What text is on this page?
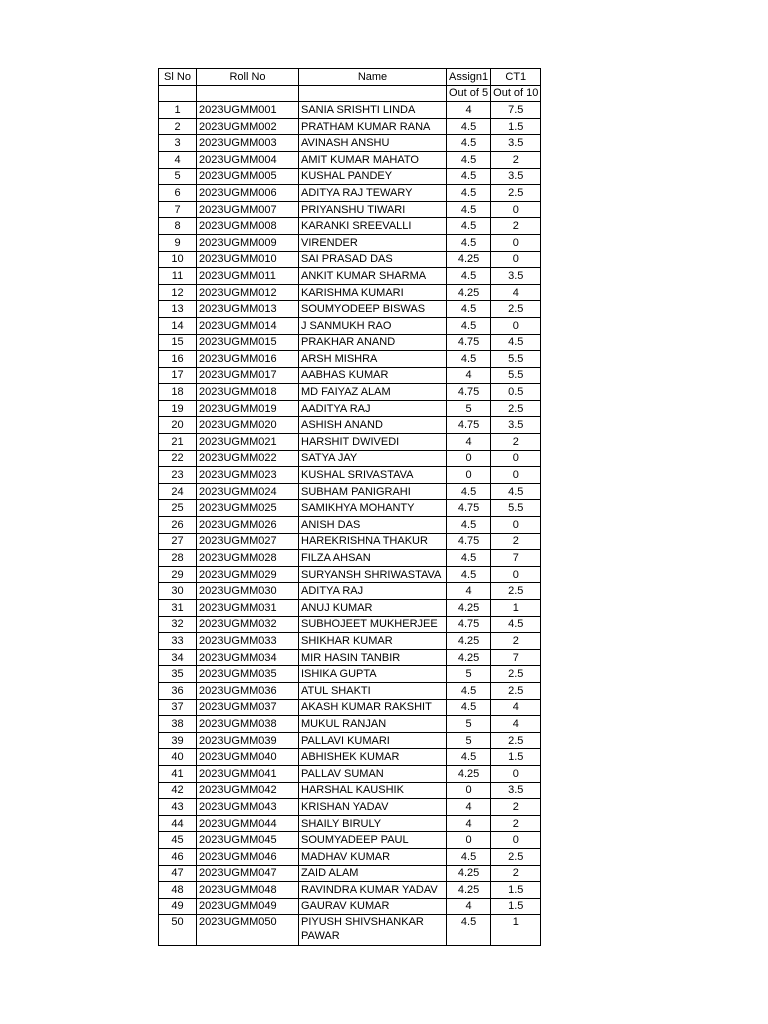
Sl No	Roll No	Name	Assign1	CT1
			Out of 5	Out of 10
1	2023UGMM001	SANIA SRISHTI LINDA	4	7.5
2	2023UGMM002	PRATHAM KUMAR RANA	4.5	1.5
3	2023UGMM003	AVINASH ANSHU	4.5	3.5
4	2023UGMM004	AMIT KUMAR MAHATO	4.5	2
5	2023UGMM005	KUSHAL PANDEY	4.5	3.5
6	2023UGMM006	ADITYA RAJ TEWARY	4.5	2.5
7	2023UGMM007	PRIYANSHU TIWARI	4.5	0
8	2023UGMM008	KARANKI SREEVALLI	4.5	2
9	2023UGMM009	VIRENDER	4.5	0
10	2023UGMM010	SAI PRASAD DAS	4.25	0
11	2023UGMM011	ANKIT KUMAR SHARMA	4.5	3.5
12	2023UGMM012	KARISHMA KUMARI	4.25	4
13	2023UGMM013	SOUMYODEEP BISWAS	4.5	2.5
14	2023UGMM014	J SANMUKH RAO	4.5	0
15	2023UGMM015	PRAKHAR ANAND	4.75	4.5
16	2023UGMM016	ARSH MISHRA	4.5	5.5
17	2023UGMM017	AABHAS KUMAR	4	5.5
18	2023UGMM018	MD FAIYAZ ALAM	4.75	0.5
19	2023UGMM019	AADITYA RAJ	5	2.5
20	2023UGMM020	ASHISH ANAND	4.75	3.5
21	2023UGMM021	HARSHIT DWIVEDI	4	2
22	2023UGMM022	SATYA JAY	0	0
23	2023UGMM023	KUSHAL SRIVASTAVA	0	0
24	2023UGMM024	SUBHAM PANIGRAHI	4.5	4.5
25	2023UGMM025	SAMIKHYA MOHANTY	4.75	5.5
26	2023UGMM026	ANISH DAS	4.5	0
27	2023UGMM027	HAREKRISHNA THAKUR	4.75	2
28	2023UGMM028	FILZA AHSAN	4.5	7
29	2023UGMM029	SURYANSH SHRIWASTAVA	4.5	0
30	2023UGMM030	ADITYA RAJ	4	2.5
31	2023UGMM031	ANUJ KUMAR	4.25	1
32	2023UGMM032	SUBHOJEET MUKHERJEE	4.75	4.5
33	2023UGMM033	SHIKHAR KUMAR	4.25	2
34	2023UGMM034	MIR HASIN TANBIR	4.25	7
35	2023UGMM035	ISHIKA GUPTA	5	2.5
36	2023UGMM036	ATUL SHAKTI	4.5	2.5
37	2023UGMM037	AKASH KUMAR RAKSHIT	4.5	4
38	2023UGMM038	MUKUL RANJAN	5	4
39	2023UGMM039	PALLAVI KUMARI	5	2.5
40	2023UGMM040	ABHISHEK KUMAR	4.5	1.5
41	2023UGMM041	PALLAV SUMAN	4.25	0
42	2023UGMM042	HARSHAL KAUSHIK	0	3.5
43	2023UGMM043	KRISHAN YADAV	4	2
44	2023UGMM044	SHAILY BIRULY	4	2
45	2023UGMM045	SOUMYADEEP PAUL	0	0
46	2023UGMM046	MADHAV KUMAR	4.5	2.5
47	2023UGMM047	ZAID ALAM	4.25	2
48	2023UGMM048	RAVINDRA KUMAR YADAV	4.25	1.5
49	2023UGMM049	GAURAV KUMAR	4	1.5
50	2023UGMM050	PIYUSH SHIVSHANKAR PAWAR	4.5	1
